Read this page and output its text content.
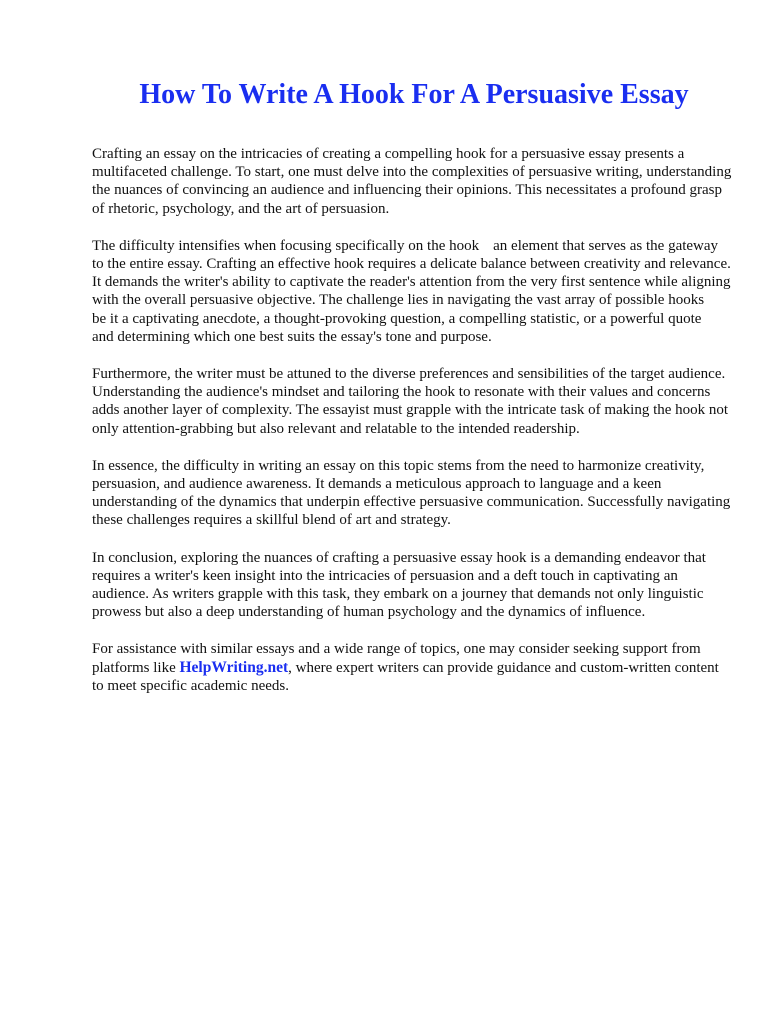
How To Write A Hook For A Persuasive Essay

Crafting an essay on the intricacies of creating a compelling hook for a persuasive essay presents a multifaceted challenge. To start, one must delve into the complexities of persuasive writing, understanding the nuances of convincing an audience and influencing their opinions. This necessitates a profound grasp of rhetoric, psychology, and the art of persuasion.

The difficulty intensifies when focusing specifically on the hook an element that serves as the gateway to the entire essay. Crafting an effective hook requires a delicate balance between creativity and relevance. It demands the writer's ability to captivate the reader's attention from the very first sentence while aligning with the overall persuasive objective. The challenge lies in navigating the vast array of possible hooksbe it a captivating anecdote, a thought-provoking question, a compelling statistic, or a powerful quoteand determining which one best suits the essay's tone and purpose.

Furthermore, the writer must be attuned to the diverse preferences and sensibilities of the target audience. Understanding the audience's mindset and tailoring the hook to resonate with their values and concerns adds another layer of complexity. The essayist must grapple with the intricate task of making the hook not only attention-grabbing but also relevant and relatable to the intended readership.

In essence, the difficulty in writing an essay on this topic stems from the need to harmonize creativity, persuasion, and audience awareness. It demands a meticulous approach to language and a keen understanding of the dynamics that underpin effective persuasive communication. Successfully navigating these challenges requires a skillful blend of art and strategy.

In conclusion, exploring the nuances of crafting a persuasive essay hook is a demanding endeavor that requires a writer's keen insight into the intricacies of persuasion and a deft touch in captivating an audience. As writers grapple with this task, they embark on a journey that demands not only linguistic prowess but also a deep understanding of human psychology and the dynamics of influence.

For assistance with similar essays and a wide range of topics, one may consider seeking support from platforms like HelpWriting.net, where expert writers can provide guidance and custom-written content to meet specific academic needs.
